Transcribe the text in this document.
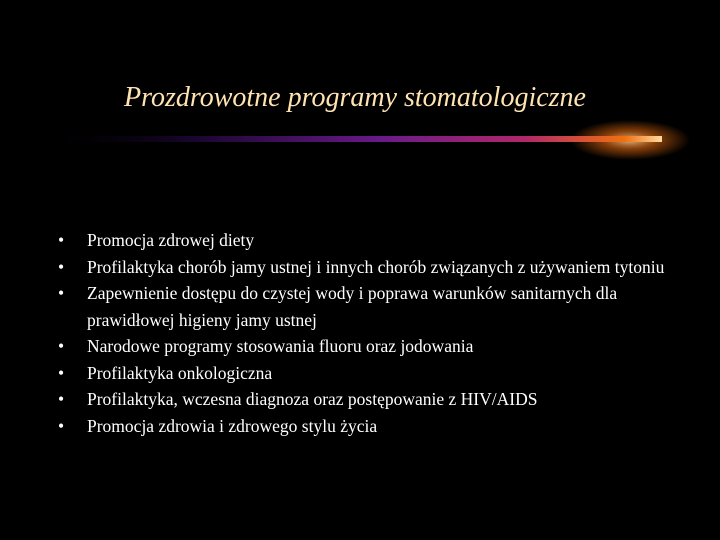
Prozdrowotne programy stomatologiczne
• Promocja zdrowej diety
• Profilaktyka chorób jamy ustnej i innych chorób związanych z używaniem tytoniu
• Zapewnienie dostępu do czystej wody i poprawa warunków sanitarnych dla prawidłowej higieny jamy ustnej
• Narodowe programy stosowania fluoru oraz jodowania
• Profilaktyka onkologiczna
• Profilaktyka, wczesna diagnoza oraz postępowanie z HIV/AIDS
• Promocja zdrowia i zdrowego stylu życia
